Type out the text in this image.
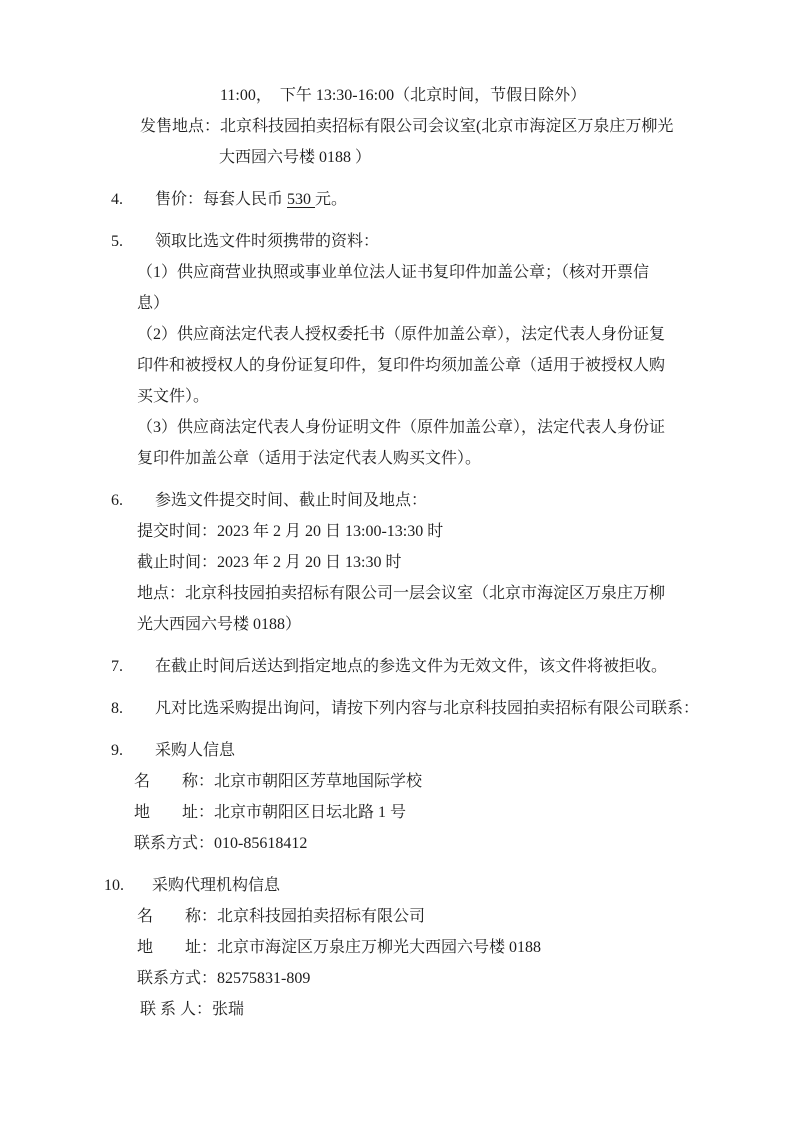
11:00，  下午 13:30-16:00（北京时间，节假日除外）
发售地点：北京科技园拍卖招标有限公司会议室(北京市海淀区万泉庄万柳光
大西园六号楼 0188 ）
4. 售价：每套人民币 530 元。
5. 领取比选文件时须携带的资料：
（1）供应商营业执照或事业单位法人证书复印件加盖公章；（核对开票信
息）
（2）供应商法定代表人授权委托书（原件加盖公章），法定代表人身份证复
印件和被授权人的身份证复印件，复印件均须加盖公章（适用于被授权人购
买文件）。
（3）供应商法定代表人身份证明文件（原件加盖公章），法定代表人身份证
复印件加盖公章（适用于法定代表人购买文件）。
6. 参选文件提交时间、截止时间及地点：
提交时间：2023 年 2 月 20 日 13:00-13:30 时
截止时间：2023 年 2 月 20 日 13:30 时
地点：北京科技园拍卖招标有限公司一层会议室（北京市海淀区万泉庄万柳
光大西园六号楼 0188）
7. 在截止时间后送达到指定地点的参选文件为无效文件，该文件将被拒收。
8. 凡对比选采购提出询问，请按下列内容与北京科技园拍卖招标有限公司联系：
9. 采购人信息
名　　称：北京市朝阳区芳草地国际学校
地　　址：北京市朝阳区日坛北路 1 号
联系方式：010-85618412
10. 采购代理机构信息
名　　称：北京科技园拍卖招标有限公司
地　　址：北京市海淀区万泉庄万柳光大西园六号楼 0188
联系方式：82575831-809
联 系 人：张瑞
